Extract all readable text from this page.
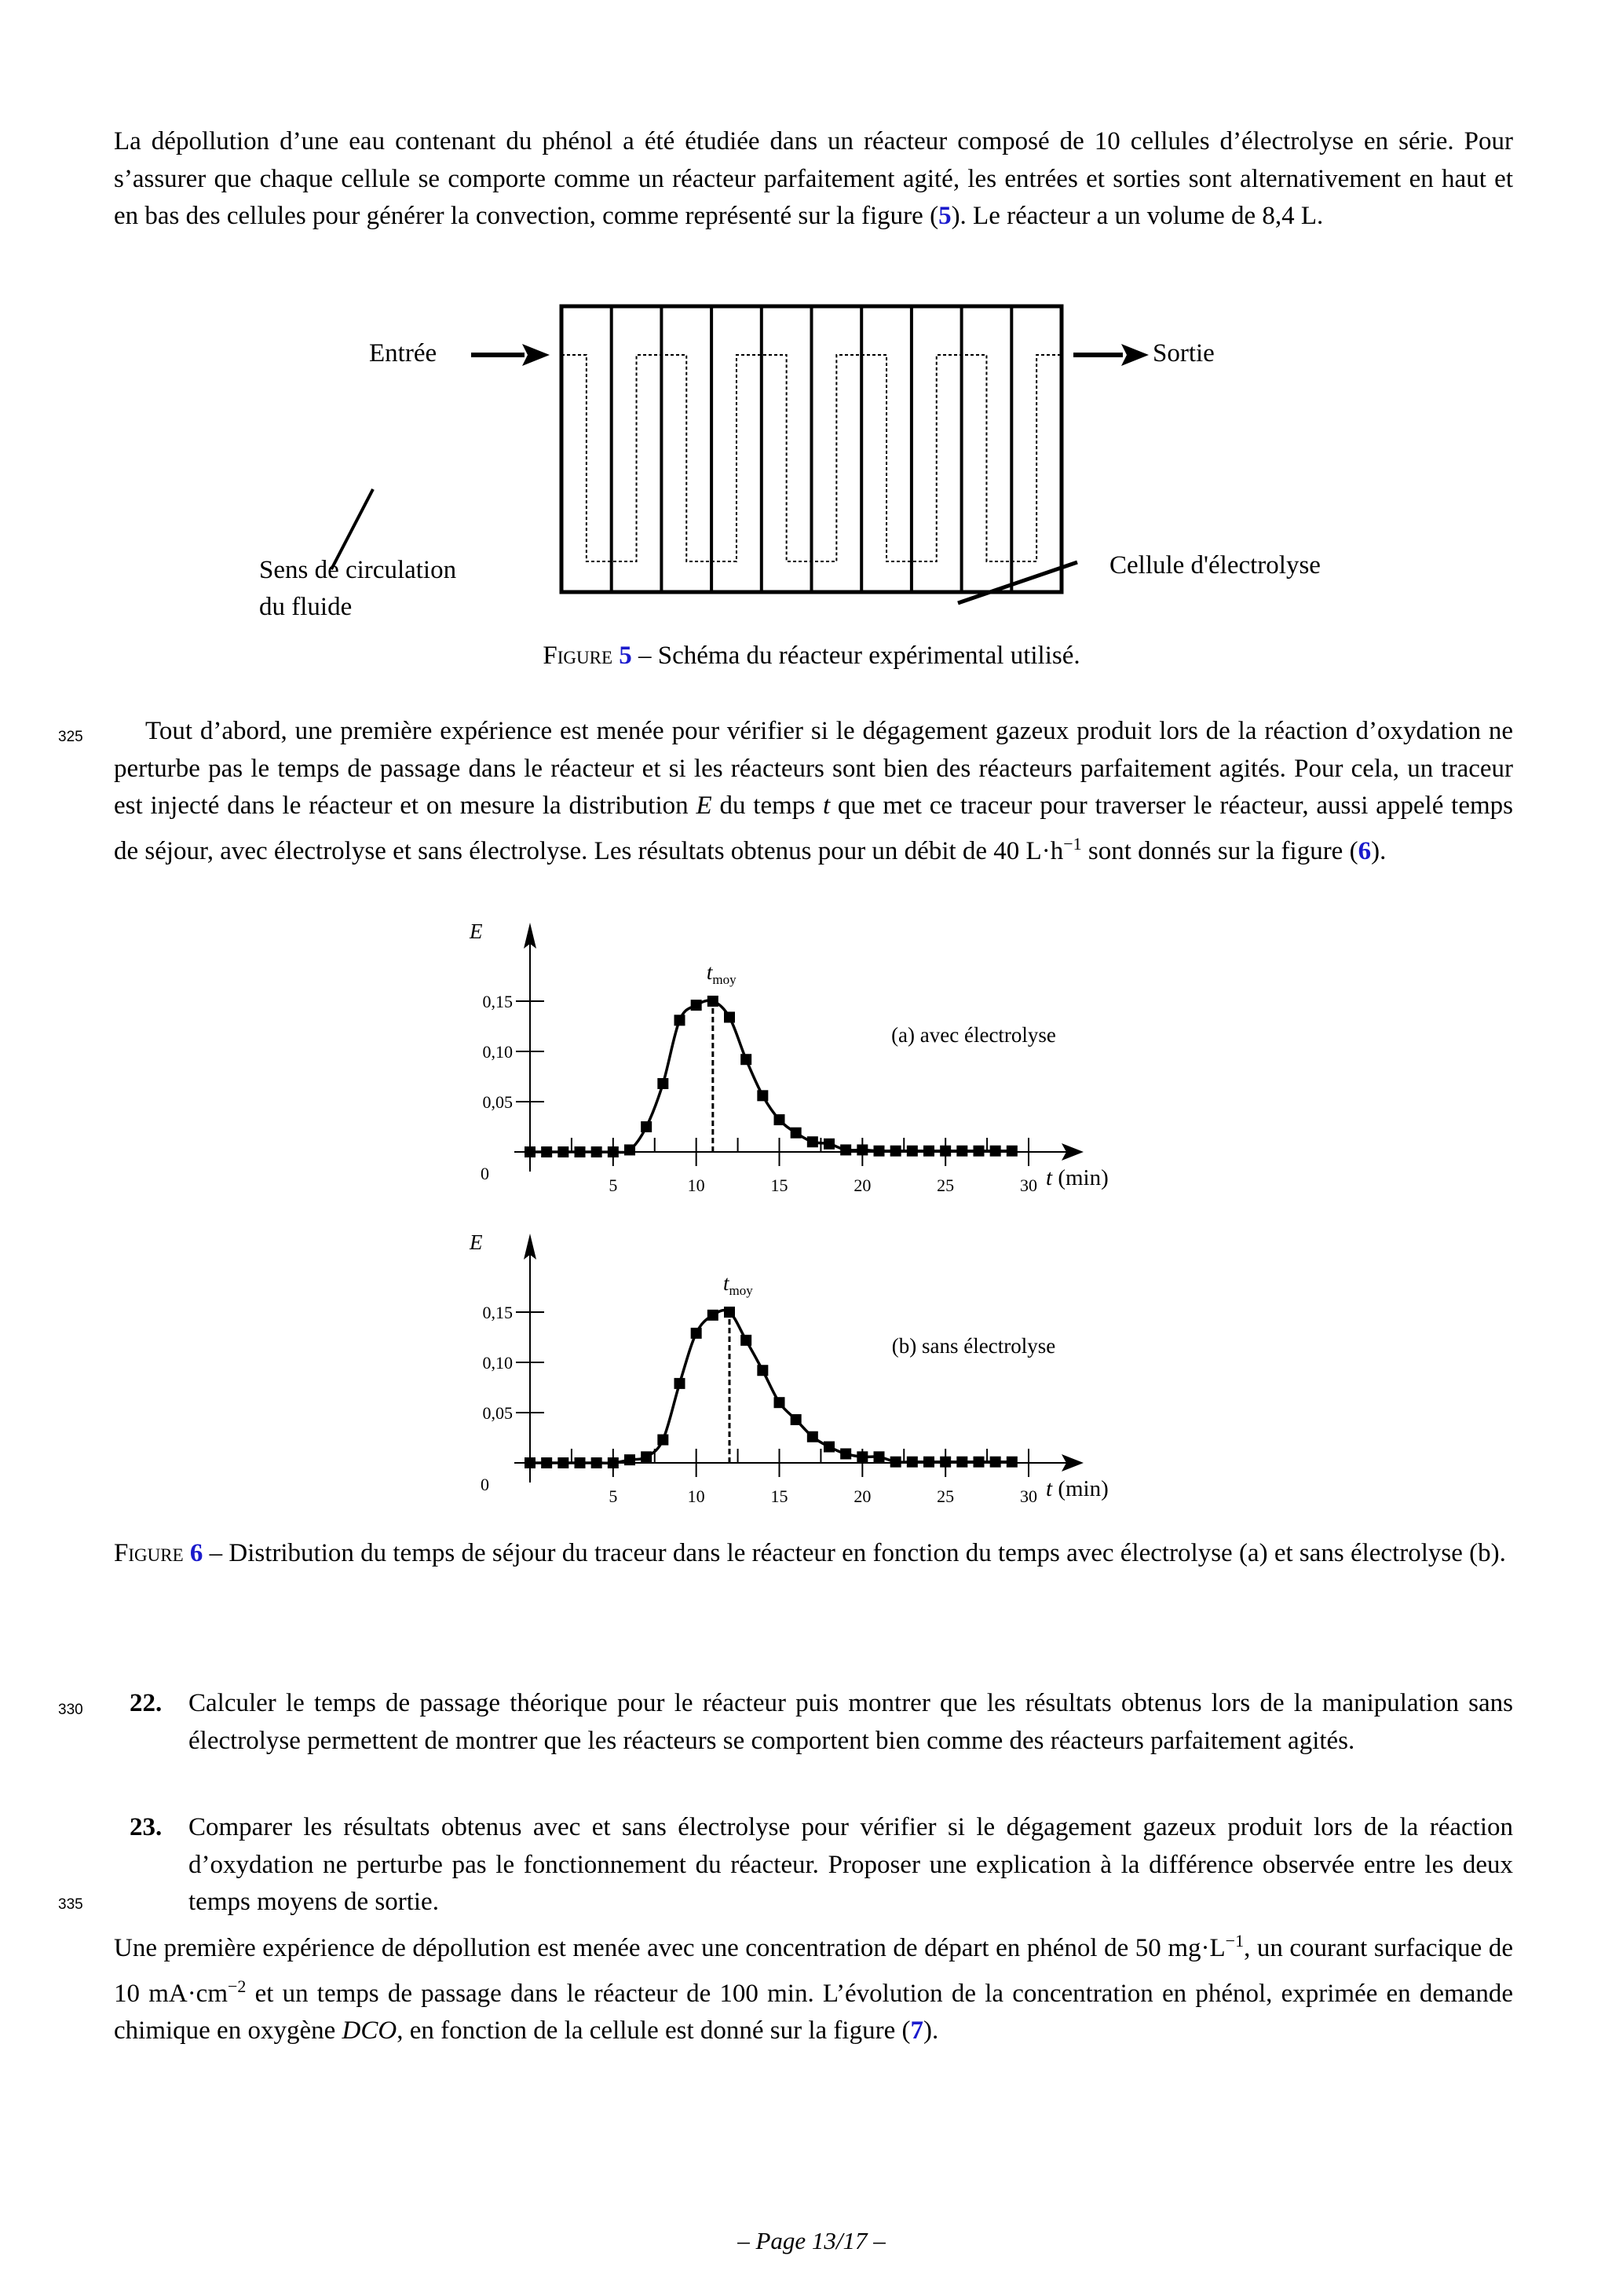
La dépollution d’une eau contenant du phénol a été étudiée dans un réacteur composé de 10 cellules d’électrolyse en série. Pour s’assurer que chaque cellule se comporte comme un réacteur parfaitement agité, les entrées et sorties sont alternativement en haut et en bas des cellules pour générer la convection, comme représenté sur la figure (5). Le réacteur a un volume de 8,4 L.
Entrée	Sortie
Sens de circulation
du fluide
Cellule d'électrolyse
Figure 5 – Schéma du réacteur expérimental utilisé.
325	Tout d’abord, une première expérience est menée pour vérifier si le dégagement gazeux produit lors de la réaction d’oxydation ne perturbe pas le temps de passage dans le réacteur et si les réacteurs sont bien des réacteurs parfaitement agités. Pour cela, un traceur est injecté dans le réacteur et on mesure la distribution E du temps t que met ce traceur pour traverser le réacteur, aussi appelé temps de séjour, avec électrolyse et sans électrolyse. Les résultats obtenus pour un débit de 40 $L\cdot h^{-1}$ sont donnés sur la figure (6).
E
0,05
0,10
0,15
5	10	15	20	25	30
0	t (min)
(a) avec électrolyse
$t_{moy}$
E
0,05
0,10
0,15
5	10	15	20	25	30
0	t (min)
(b) sans électrolyse
$t_{moy}$
Figure 6 – Distribution du temps de séjour du traceur dans le réacteur en fonction du temps avec électrolyse (a) et sans électrolyse (b).
330 22. Calculer le temps de passage théorique pour le réacteur puis montrer que les résultats obtenus lors de la manipulation sans électrolyse permettent de montrer que les réacteurs se comportent bien comme des réacteurs parfaitement agités.
23. Comparer les résultats obtenus avec et sans électrolyse pour vérifier si le dégagement gazeux produit lors de la réaction d’oxydation ne perturbe pas le fonctionnement du réacteur. Proposer une explication à la différence observée entre les deux temps moyens de sortie.
335
Une première expérience de dépollution est menée avec une concentration de départ en phénol de 50 $mg\cdot L^{-1}$, un courant surfacique de 10 $mA\cdot cm^{-2}$ et un temps de passage dans le réacteur de 100 min. L’évolution de la concentration en phénol, exprimée en demande chimique en oxygène DCO, en fonction de la cellule est donné sur la figure (7).
– Page 13/17 –
